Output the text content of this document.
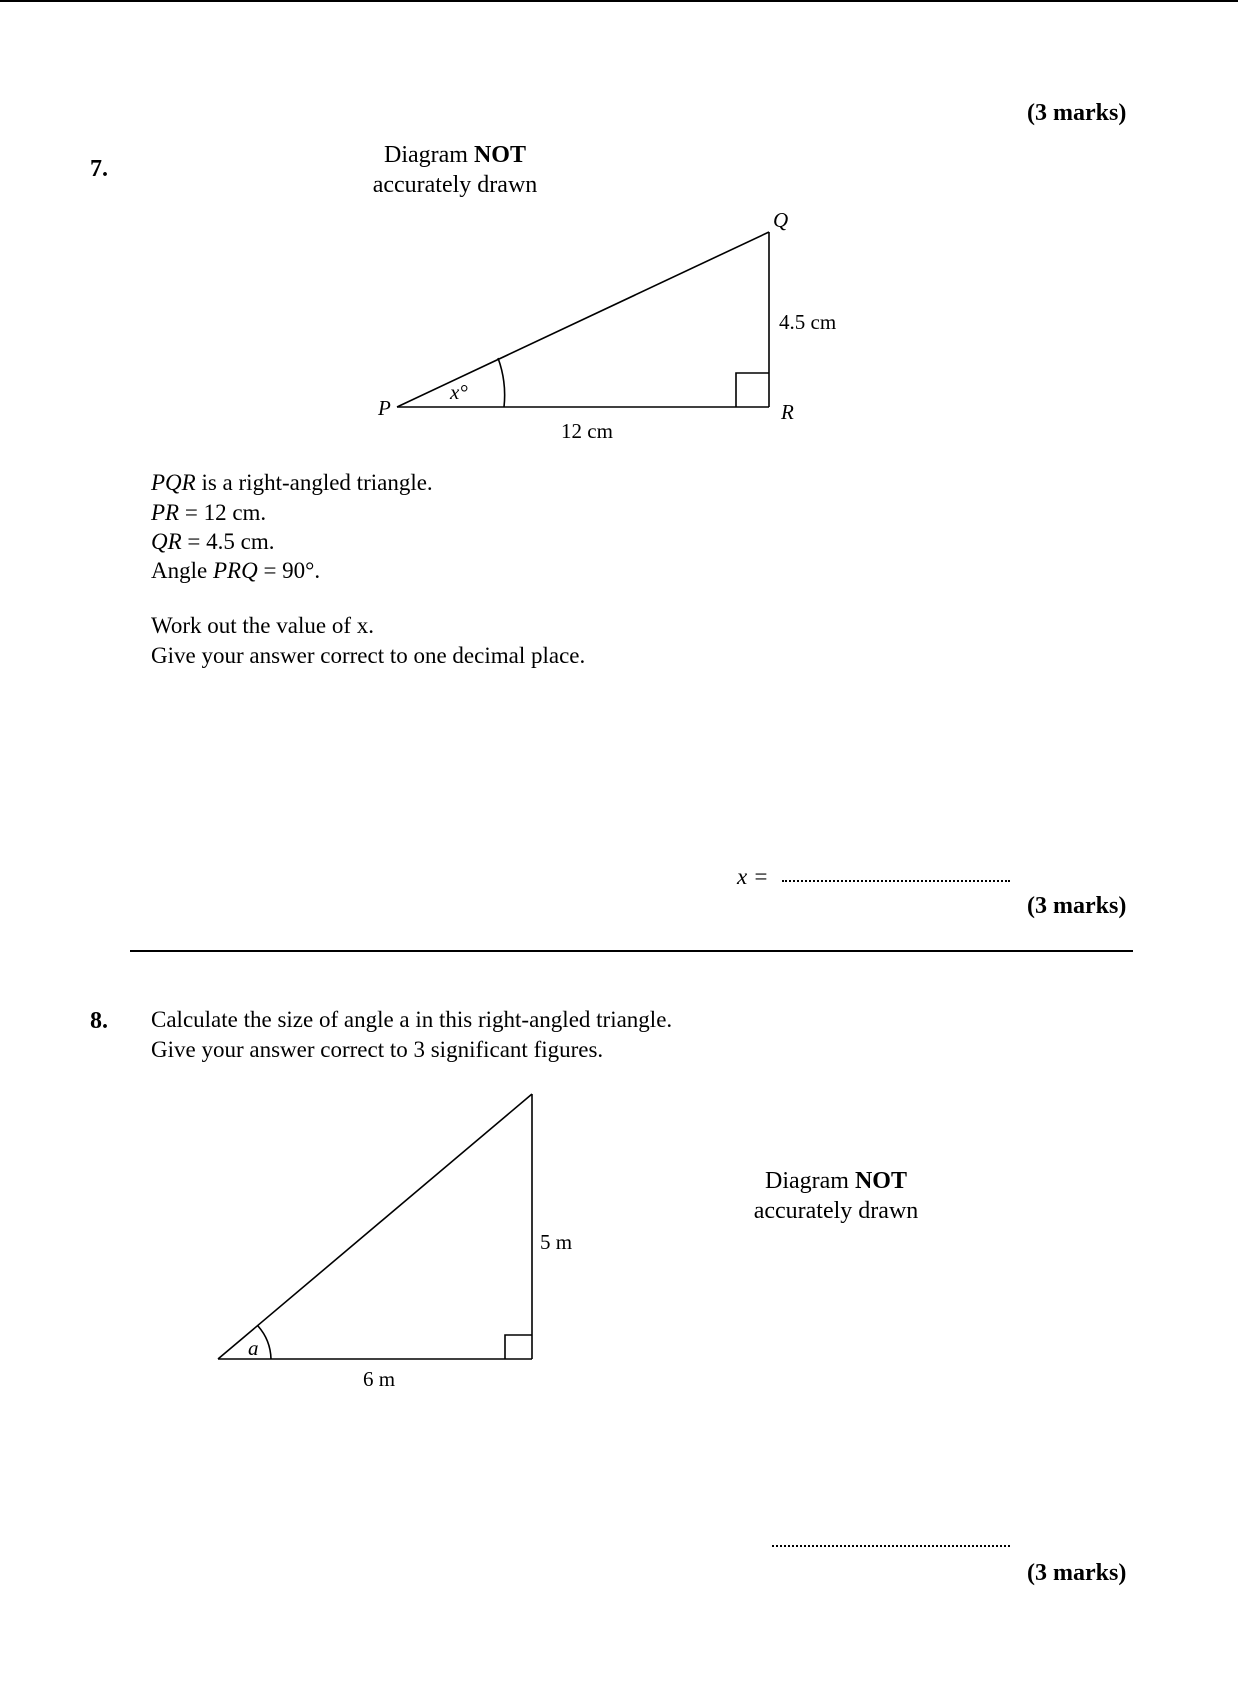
(3 marks)
7.
Diagram NOT
accurately drawn
Q
4.5 cm
P
x°
R
12 cm
PQR is a right-angled triangle.
PR = 12 cm.
QR = 4.5 cm.
Angle PRQ = 90°.
Work out the value of x.
Give your answer correct to one decimal place.
x =
(3 marks)
8. Calculate the size of angle a in this right-angled triangle.
Give your answer correct to 3 significant figures.
Diagram NOT
accurately drawn
5 m
a
6 m
(3 marks)
